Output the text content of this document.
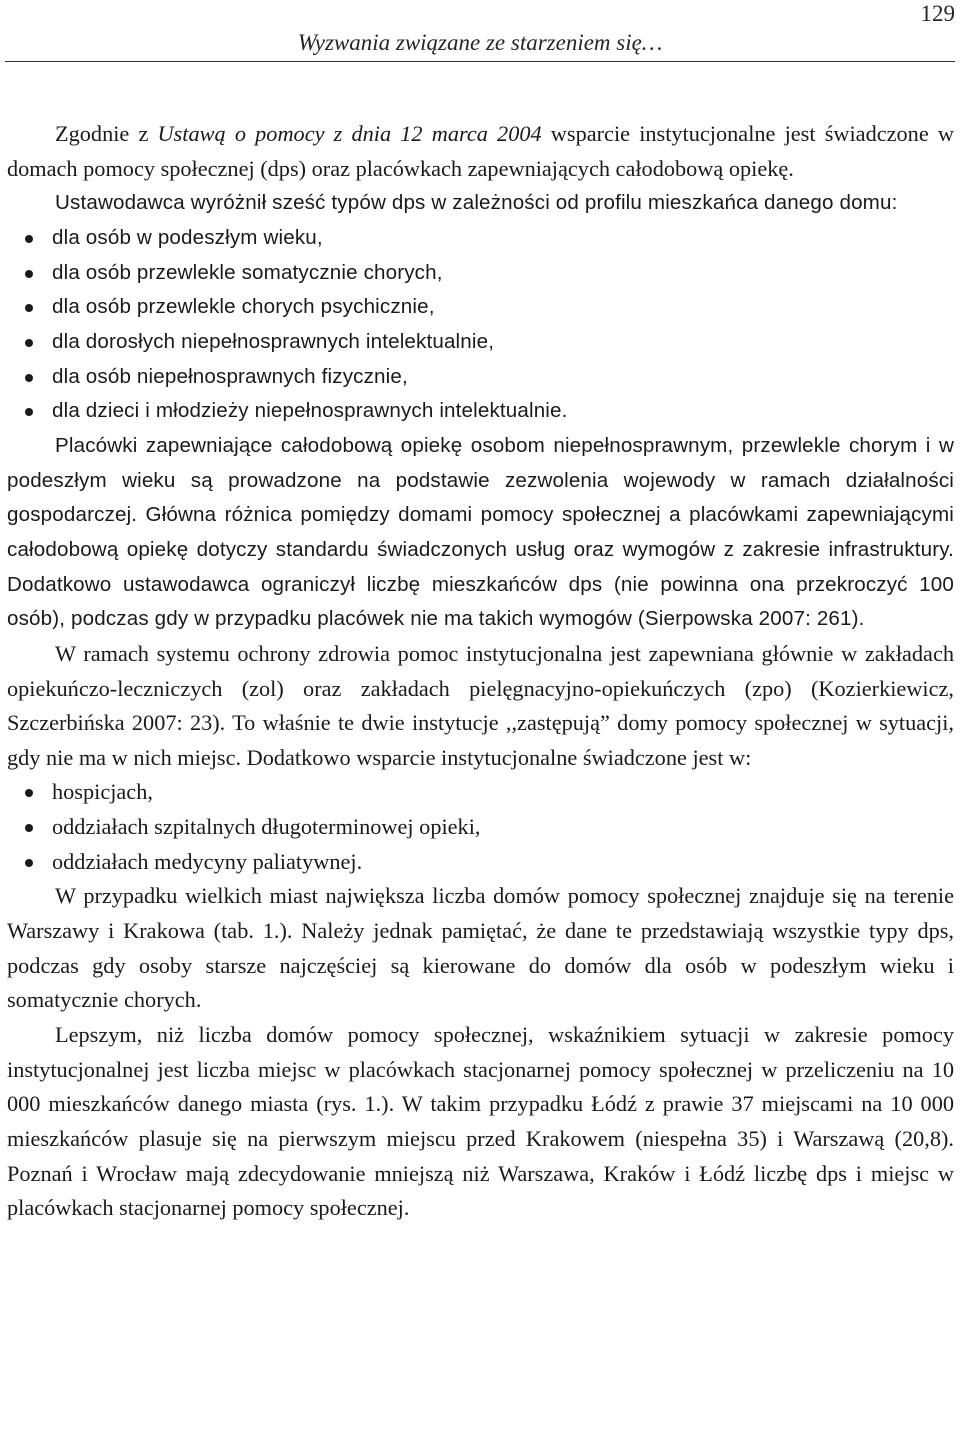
Wyzwania związane ze starzeniem się…
129

Zgodnie z Ustawą o pomocy z dnia 12 marca 2004 wsparcie instytucjonalne jest świadczone w domach pomocy społecznej (dps) oraz placówkach zapewniających całodobową opiekę.

Ustawodawca wyróżnił sześć typów dps w zależności od profilu mieszkańca danego domu:

dla osób w podeszłym wieku,
dla osób przewlekle somatycznie chorych,
dla osób przewlekle chorych psychicznie,
dla dorosłych niepełnosprawnych intelektualnie,
dla osób niepełnosprawnych fizycznie,
dla dzieci i młodzieży niepełnosprawnych intelektualnie.

Placówki zapewniające całodobową opiekę osobom niepełnosprawnym, przewlekle chorym i w podeszłym wieku są prowadzone na podstawie zezwolenia wojewody w ramach działalności gospodarczej. Główna różnica pomiędzy domami pomocy społecznej a placówkami zapewniającymi całodobową opiekę dotyczy standardu świadczonych usług oraz wymogów z zakresie infrastruktury. Dodatkowo ustawodawca ograniczył liczbę mieszkańców dps (nie powinna ona przekroczyć 100 osób), podczas gdy w przypadku placówek nie ma takich wymogów (Sierpowska 2007: 261).

W ramach systemu ochrony zdrowia pomoc instytucjonalna jest zapewniana głównie w zakładach opiekuńczo-leczniczych (zol) oraz zakładach pielęgnacyjno-opiekuńczych (zpo) (Kozierkiewicz, Szczerbińska 2007: 23). To właśnie te dwie instytucje ,,zastępują” domy pomocy społecznej w sytuacji, gdy nie ma w nich miejsc. Dodatkowo wsparcie instytucjonalne świadczone jest w:

hospicjach,
oddziałach szpitalnych długoterminowej opieki,
oddziałach medycyny paliatywnej.

W przypadku wielkich miast największa liczba domów pomocy społecznej znajduje się na terenie Warszawy i Krakowa (tab. 1.). Należy jednak pamiętać, że dane te przedstawiają wszystkie typy dps, podczas gdy osoby starsze najczęściej są kierowane do domów dla osób w podeszłym wieku i somatycznie chorych.

Lepszym, niż liczba domów pomocy społecznej, wskaźnikiem sytuacji w zakresie pomocy instytucjonalnej jest liczba miejsc w placówkach stacjonarnej pomocy społecznej w przeliczeniu na 10 000 mieszkańców danego miasta (rys. 1.). W takim przypadku Łódź z prawie 37 miejscami na 10 000 mieszkańców plasuje się na pierwszym miejscu przed Krakowem (niespełna 35) i Warszawą (20,8). Poznań i Wrocław mają zdecydowanie mniejszą niż Warszawa, Kraków i Łódź liczbę dps i miejsc w placówkach stacjonarnej pomocy społecznej.
